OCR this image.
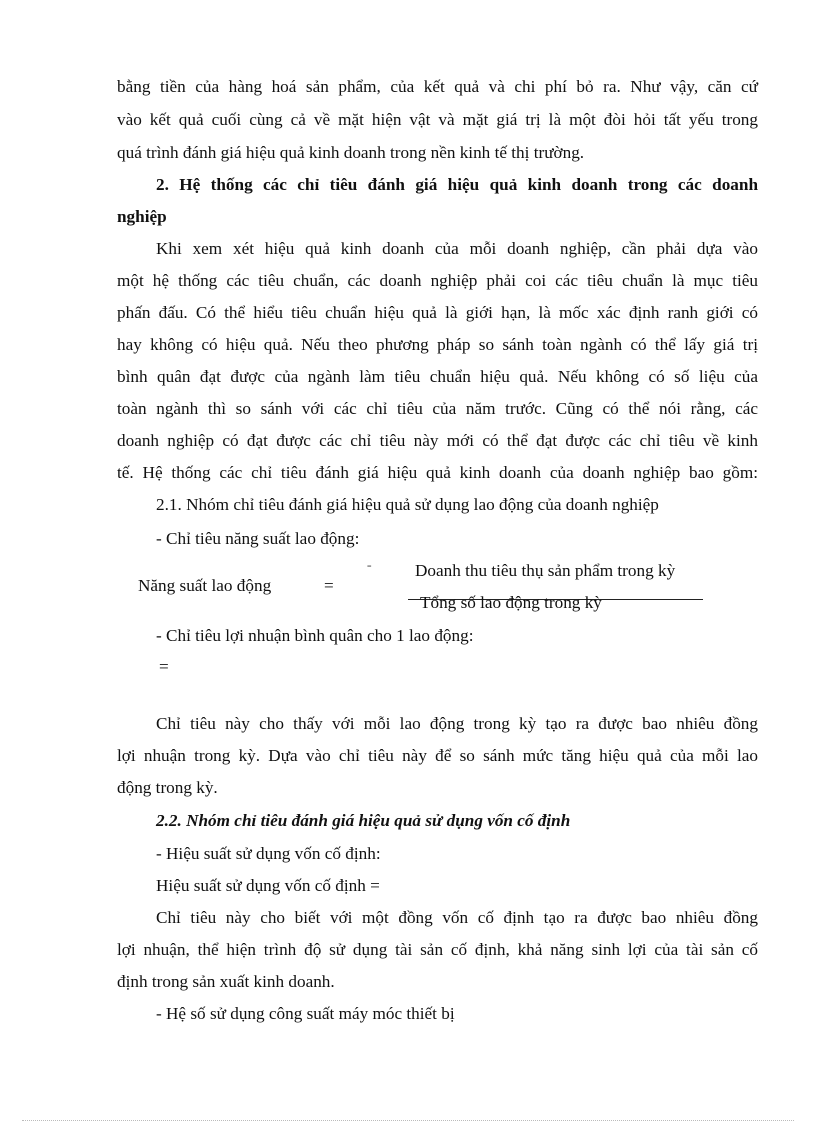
bằng tiền của hàng hoá sản phẩm, của kết quả và chi phí bỏ ra. Như vậy, căn cứ
vào kết quả cuối cùng cả về mặt hiện vật và mặt giá trị là một đòi hỏi tất yếu trong
quá trình đánh giá hiệu quả kinh doanh trong nền kinh tế thị trường.
2. Hệ thống các chỉ tiêu đánh giá hiệu quả kinh doanh trong các doanh
nghiệp
Khi xem xét hiệu quả kinh doanh của mỗi doanh nghiệp, cần phải dựa vào
một hệ thống các tiêu chuẩn, các doanh nghiệp phải coi các tiêu chuẩn là mục tiêu
phấn đấu. Có thể hiểu tiêu chuẩn hiệu quả là giới hạn, là mốc xác định ranh giới có
hay không có hiệu quả. Nếu theo phương pháp so sánh toàn ngành có thể lấy giá trị
bình quân đạt được của ngành làm tiêu chuẩn hiệu quả. Nếu không có số liệu của
toàn ngành thì so sánh với các chỉ tiêu của năm trước. Cũng có thể nói rằng, các
doanh nghiệp có đạt được các chỉ tiêu này mới có thể đạt được các chỉ tiêu về kinh
tế. Hệ thống các chỉ tiêu đánh giá hiệu quả kinh doanh của doanh nghiệp bao gồm:
2.1. Nhóm chỉ tiêu đánh giá hiệu quả sử dụng lao động của doanh nghiệp
- Chỉ tiêu năng suất lao động:
Năng suất lao động	=
=	Doanh thu tiêu thụ sản phẩm trong kỳ
Tổng số lao động trong kỳ
- Chỉ tiêu lợi nhuận bình quân cho 1 lao động:
=
Chỉ tiêu này cho thấy với mỗi lao động trong kỳ tạo ra được bao nhiêu đồng
lợi nhuận trong kỳ. Dựa vào chỉ tiêu này để so sánh mức tăng hiệu quả của mỗi lao
động trong kỳ.
2.2. Nhóm chỉ tiêu đánh giá hiệu quả sử dụng vốn cố định
- Hiệu suất sử dụng vốn cố định:
Hiệu suất sử dụng vốn cố định =
Chỉ tiêu này cho biết với một đồng vốn cố định tạo ra được bao nhiêu đồng
lợi nhuận, thể hiện trình độ sử dụng tài sản cố định, khả năng sinh lợi của tài sản cố
định trong sản xuất kinh doanh.
- Hệ số sử dụng công suất máy móc thiết bị
